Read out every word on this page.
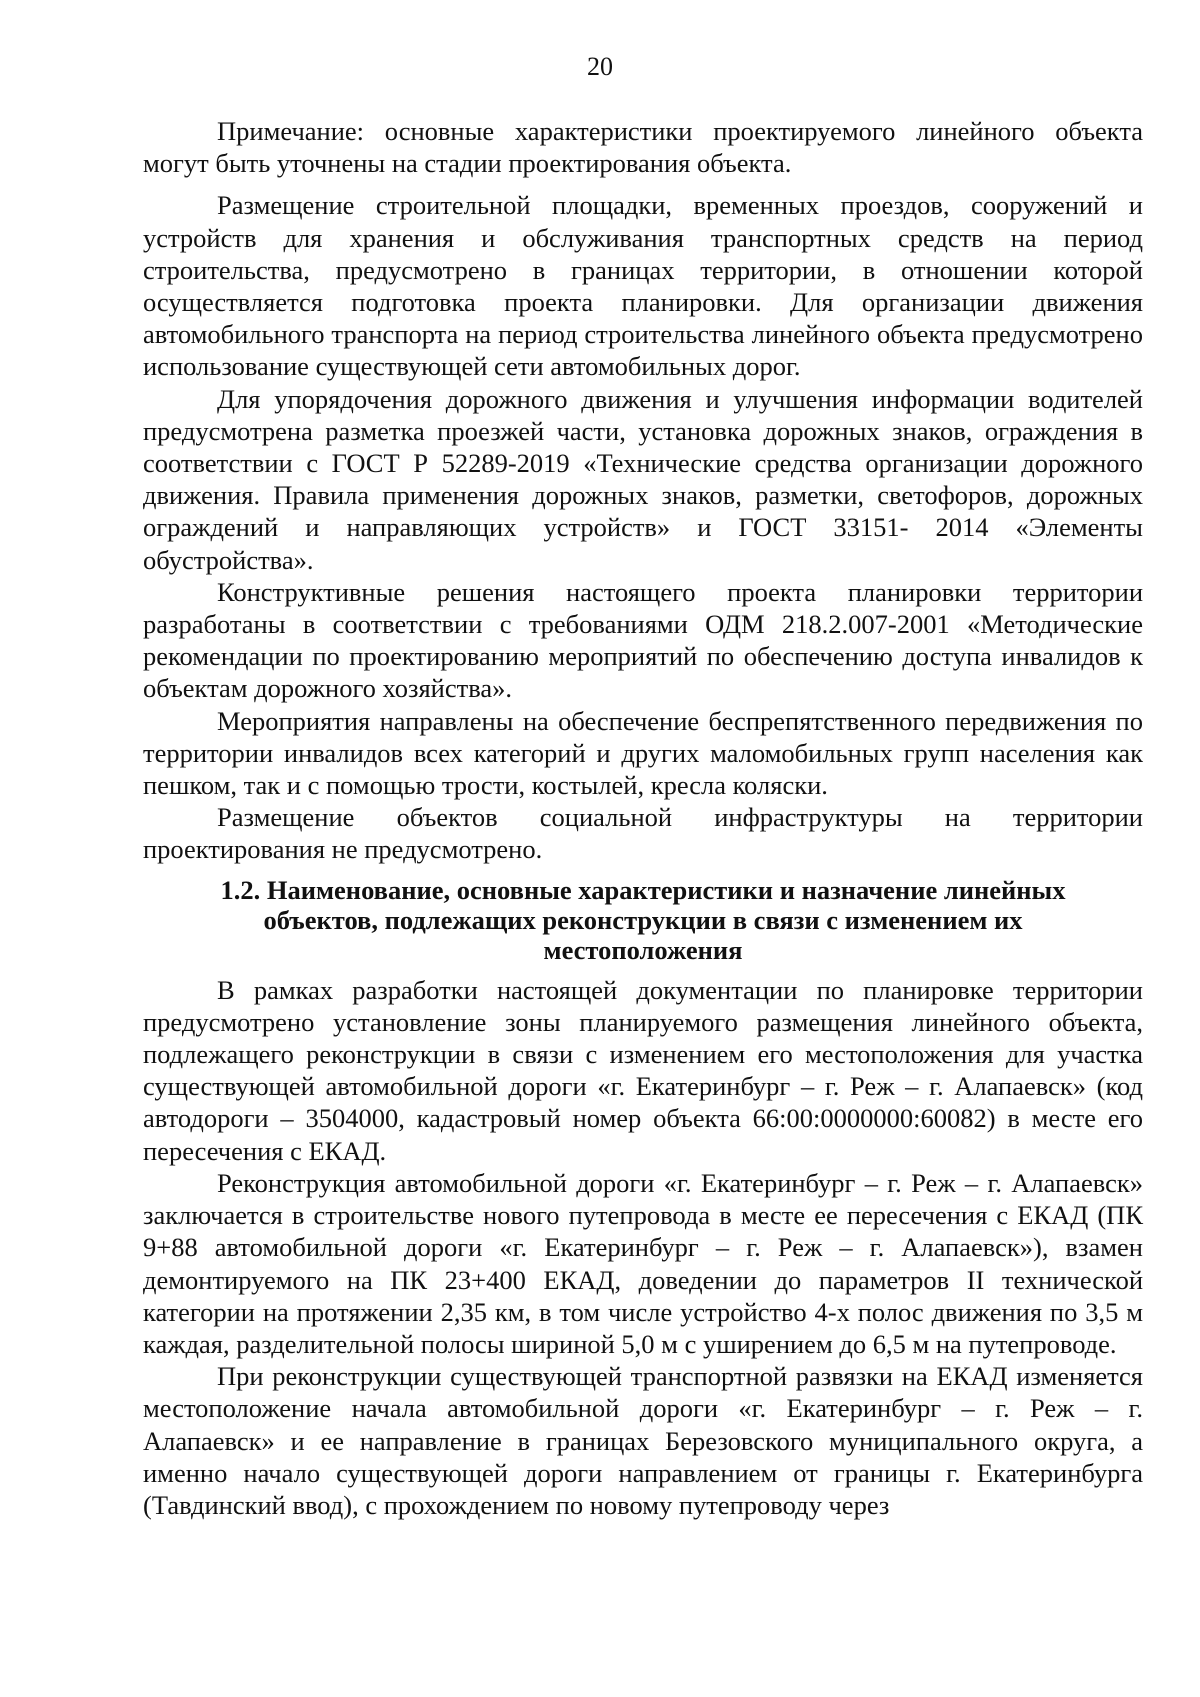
20

Примечание: основные характеристики проектируемого линейного объекта могут быть уточнены на стадии проектирования объекта.

Размещение строительной площадки, временных проездов, сооружений и устройств для хранения и обслуживания транспортных средств на период строительства, предусмотрено в границах территории, в отношении которой осуществляется подготовка проекта планировки. Для организации движения автомобильного транспорта на период строительства линейного объекта предусмотрено использование существующей сети автомобильных дорог.

Для упорядочения дорожного движения и улучшения информации водителей предусмотрена разметка проезжей части, установка дорожных знаков, ограждения в соответствии с ГОСТ Р 52289-2019 «Технические средства организации дорожного движения. Правила применения дорожных знаков, разметки, светофоров, дорожных ограждений и направляющих устройств» и ГОСТ 33151- 2014 «Элементы обустройства».

Конструктивные решения настоящего проекта планировки территории разработаны в соответствии с требованиями ОДМ 218.2.007-2001 «Методические рекомендации по проектированию мероприятий по обеспечению доступа инвалидов к объектам дорожного хозяйства».

Мероприятия направлены на обеспечение беспрепятственного передвижения по территории инвалидов всех категорий и других маломобильных групп населения как пешком, так и с помощью трости, костылей, кресла коляски.

Размещение объектов социальной инфраструктуры на территории проектирования не предусмотрено.

1.2. Наименование, основные характеристики и назначение линейных объектов, подлежащих реконструкции в связи с изменением их местоположения

В рамках разработки настоящей документации по планировке территории предусмотрено установление зоны планируемого размещения линейного объекта, подлежащего реконструкции в связи с изменением его местоположения для участка существующей автомобильной дороги «г. Екатеринбург – г. Реж – г. Алапаевск» (код автодороги – 3504000, кадастровый номер объекта 66:00:0000000:60082) в месте его пересечения с ЕКАД.

Реконструкция автомобильной дороги «г. Екатеринбург – г. Реж – г. Алапаевск» заключается в строительстве нового путепровода в месте ее пересечения с ЕКАД (ПК 9+88 автомобильной дороги «г. Екатеринбург – г. Реж – г. Алапаевск»), взамен демонтируемого на ПК 23+400 ЕКАД, доведении до параметров II технической категории на протяжении 2,35 км, в том числе устройство 4-х полос движения по 3,5 м каждая, разделительной полосы шириной 5,0 м с уширением до 6,5 м на путепроводе.

При реконструкции существующей транспортной развязки на ЕКАД изменяется местоположение начала автомобильной дороги «г. Екатеринбург – г. Реж – г. Алапаевск» и ее направление в границах Березовского муниципального округа, а именно начало существующей дороги направлением от границы г. Екатеринбурга (Тавдинский ввод), с прохождением по новому путепроводу через
